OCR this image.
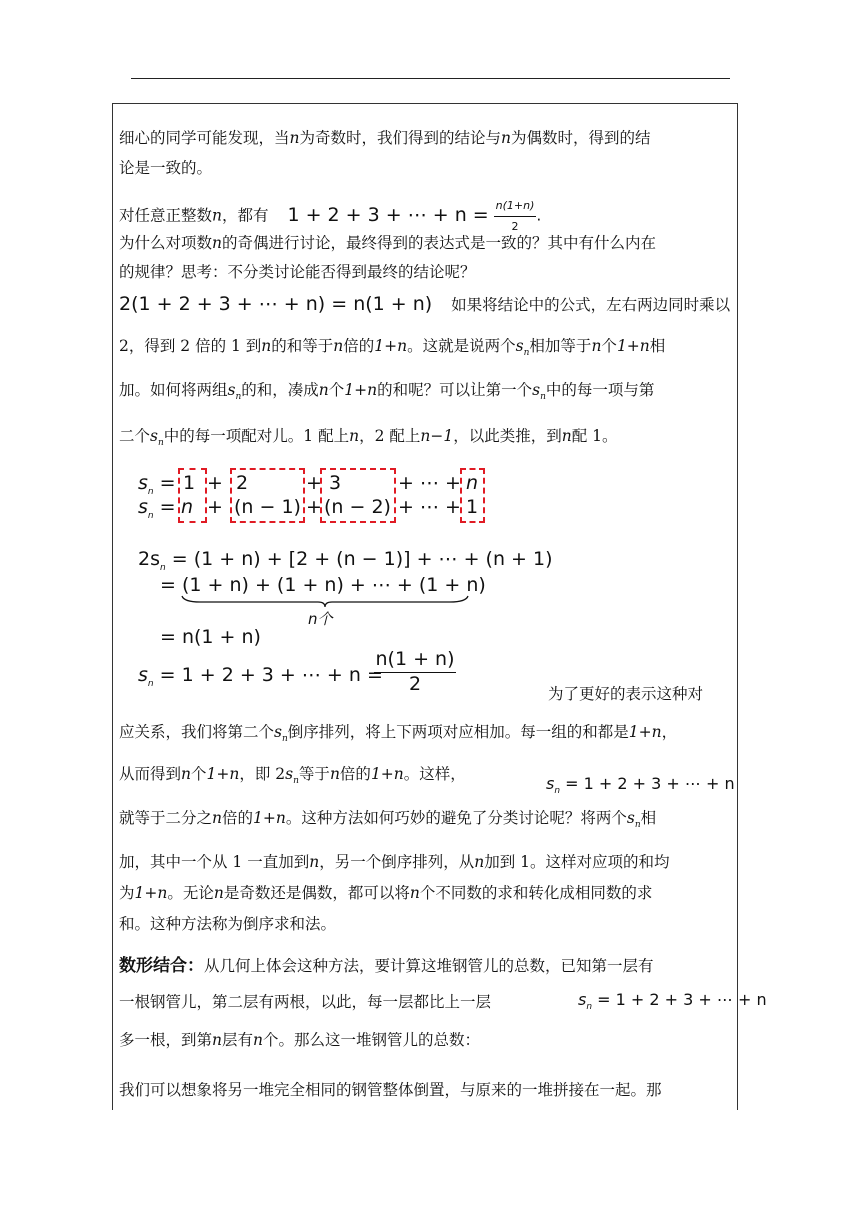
细心的同学可能发现，当n为奇数时，我们得到的结论与n为偶数时，得到的结
论是一致的。
对任意正整数n，都有 1 + 2 + 3 + ⋯ + $n = \frac{n(1+n)}{2}$ .
为什么对项数n的奇偶进行讨论，最终得到的表达式是一致的？其中有什么内在
的规律？思考：不分类讨论能否得到最终的结论呢？
2(1 + 2 + 3 + ⋯ + n) = n(1 + n) 如果将结论中的公式，左右两边同时乘以
2，得到 2 倍的 1 到n的和等于n倍的1+n。这就是说两个$s_n$相加等于n个1+n相
加。如何将两组$s_n$的和，凑成n个1+n的和呢？可以让第一个$s_n$中的每一项与第
二个$s_n$中的每一项配对儿。1 配上n，2 配上n−1，以此类推，到n配 1。
$s_n$ =
$s_n$ =
1 + 2	+ 3	+ ⋯ + n
n + (n − 1) + (n − 2) + ⋯ + 1
$2s_n = (1 + n) + [2 + (n - 1)]$ + ⋯ + (n + 1)
= (1 + n) + (1 + n) + ⋯ + (1 + n)
n个
= n(1 + n)
$s_n = 1 + 2 + 3$ + ⋯ + n =
n(1 + n)
2	为了更好的表示这种对
应关系，我们将第二个$s_n$倒序排列，将上下两项对应相加。每一组的和都是1+n，
从而得到n个1+n，即 $2s_n$等于n倍的1+n。这样，	$s_n = 1 + 2 + 3$ + ⋯ + n
就等于二分之n倍的1+n。这种方法如何巧妙的避免了分类讨论呢？将两个$s_n$相
加，其中一个从 1 一直加到n，另一个倒序排列，从n加到 1。这样对应项的和均
为1+n。无论n是奇数还是偶数，都可以将n个不同数的求和转化成相同数的求
和。这种方法称为倒序求和法。
数形结合：从几何上体会这种方法，要计算这堆钢管儿的总数，已知第一层有
一根钢管儿，第二层有两根，以此，每一层都比上一层	$s_n = 1 + 2 + 3$ + ⋯ + n
多一根，到第n层有n个。那么这一堆钢管儿的总数：
我们可以想象将另一堆完全相同的钢管整体倒置，与原来的一堆拼接在一起。那
